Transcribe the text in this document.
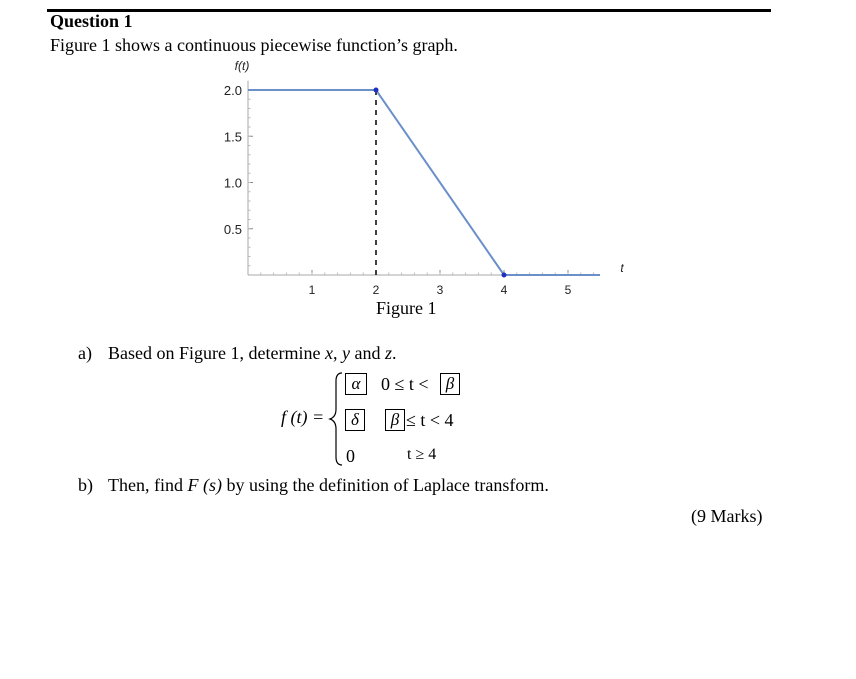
Question 1
Figure 1 shows a continuous piecewise function’s graph.
0.5
1.0
1.5
2.0
1	2	3	4	5
f(t)
t
Figure 1
a) Based on Figure 1, determine x, y and z.
f (t) =
α	0 ≤ t <	β
δ	β ≤ t < 4
0	t ≥ 4
b) Then, find F (s) by using the definition of Laplace transform.
(9 Marks)
